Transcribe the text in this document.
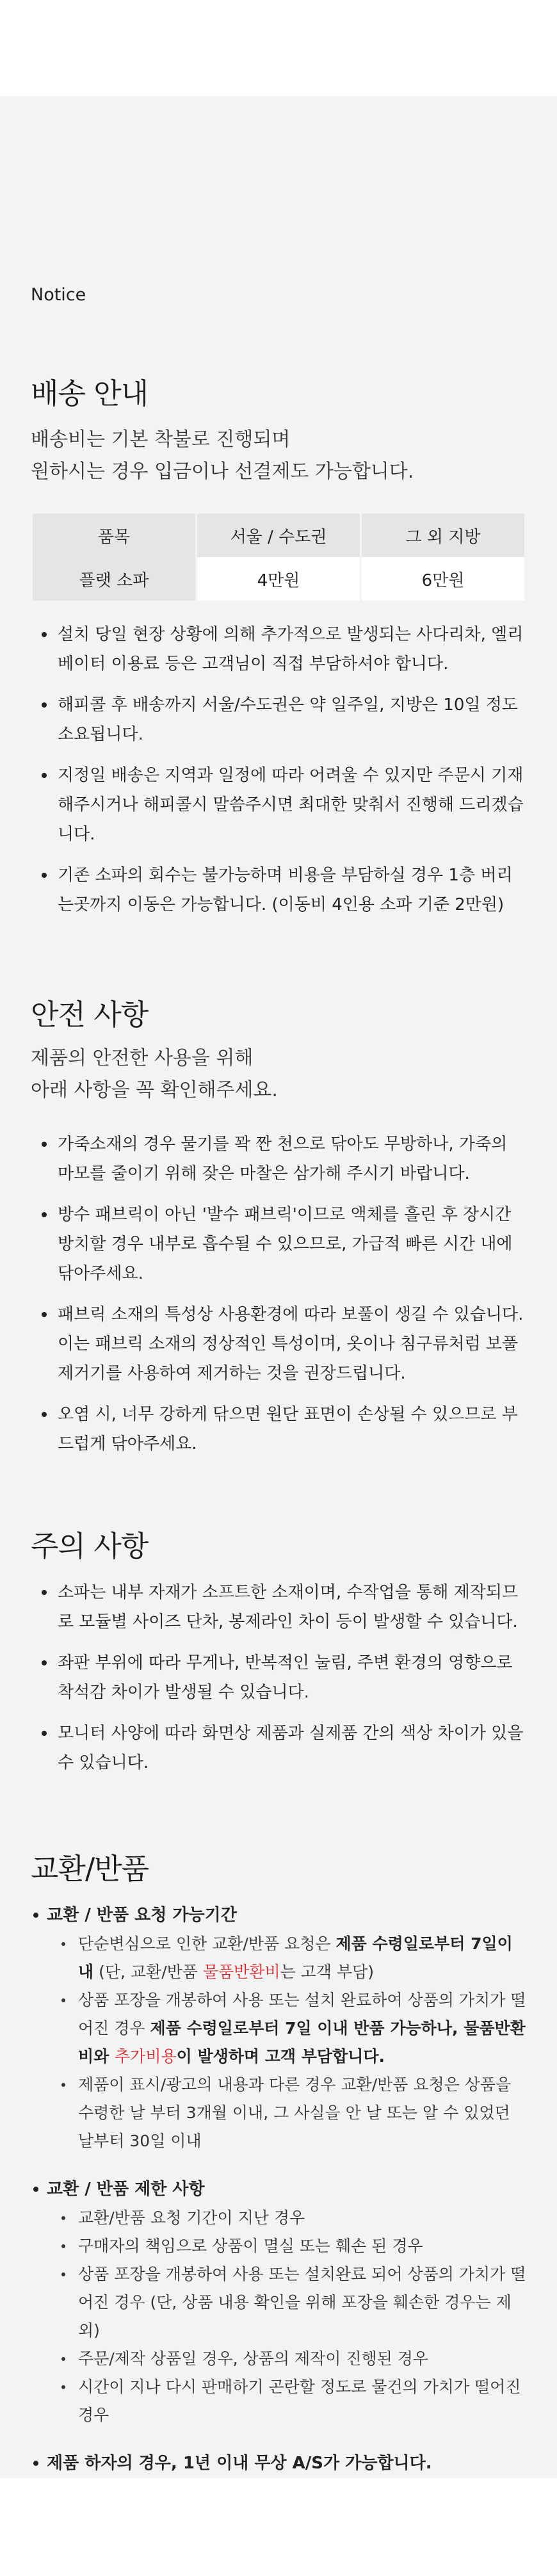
Notice

배송 안내

배송비는 기본 착불로 진행되며
원하시는 경우 입금이나 선결제도 가능합니다.

품목	서울 / 수도권	그 외 지방
플랫 소파	4만원	6만원
설치 당일 현장 상황에 의해 추가적으로 발생되는 사다리차, 엘리베이터 이용료 등은 고객님이 직접 부담하셔야 합니다.
해피콜 후 배송까지 서울/수도권은 약 일주일, 지방은 10일 정도 소요됩니다.
지정일 배송은 지역과 일정에 따라 어려울 수 있지만 주문시 기재해주시거나 해피콜시 말씀주시면 최대한 맞춰서 진행해 드리겠습니다.
기존 소파의 회수는 불가능하며 비용을 부담하실 경우 1층 버리는곳까지 이동은 가능합니다. (이동비 4인용 소파 기준 2만원)
안전 사항

제품의 안전한 사용을 위해
아래 사항을 꼭 확인해주세요.

가죽소재의 경우 물기를 꽉 짠 천으로 닦아도 무방하나, 가죽의 마모를 줄이기 위해 잦은 마찰은 삼가해 주시기 바랍니다.
방수 패브릭이 아닌 '발수 패브릭'이므로 액체를 흘린 후 장시간 방치할 경우 내부로 흡수될 수 있으므로, 가급적 빠른 시간 내에 닦아주세요.
패브릭 소재의 특성상 사용환경에 따라 보풀이 생길 수 있습니다. 이는 패브릭 소재의 정상적인 특성이며, 옷이나 침구류처럼 보풀 제거기를 사용하여 제거하는 것을 권장드립니다.
오염 시, 너무 강하게 닦으면 원단 표면이 손상될 수 있으므로 부드럽게 닦아주세요.
주의 사항
소파는 내부 자재가 소프트한 소재이며, 수작업을 통해 제작되므로 모듈별 사이즈 단차, 봉제라인 차이 등이 발생할 수 있습니다.
좌판 부위에 따라 무게나, 반복적인 눌림, 주변 환경의 영향으로 착석감 차이가 발생될 수 있습니다.
모니터 사양에 따라 화면상 제품과 실제품 간의 색상 차이가 있을 수 있습니다.
교환/반품
교환 / 반품 요청 가능기간
단순변심으로 인한 교환/반품 요청은 제품 수령일로부터 7일이내 (단, 교환/반품 물품반환비는 고객 부담)
상품 포장을 개봉하여 사용 또는 설치 완료하여 상품의 가치가 떨어진 경우 제품 수령일로부터 7일 이내 반품 가능하나, 물품반환비와 추가비용이 발생하며 고객 부담합니다.
제품이 표시/광고의 내용과 다른 경우 교환/반품 요청은 상품을 수령한 날 부터 3개월 이내, 그 사실을 안 날 또는 알 수 있었던 날부터 30일 이내
교환 / 반품 제한 사항
교환/반품 요청 기간이 지난 경우
구매자의 책임으로 상품이 멸실 또는 훼손 된 경우
상품 포장을 개봉하여 사용 또는 설치완료 되어 상품의 가치가 떨어진 경우 (단, 상품 내용 확인을 위해 포장을 훼손한 경우는 제외)
주문/제작 상품일 경우, 상품의 제작이 진행된 경우
시간이 지나 다시 판매하기 곤란할 정도로 물건의 가치가 떨어진 경우
제품 하자의 경우, 1년 이내 무상 A/S가 가능합니다.
